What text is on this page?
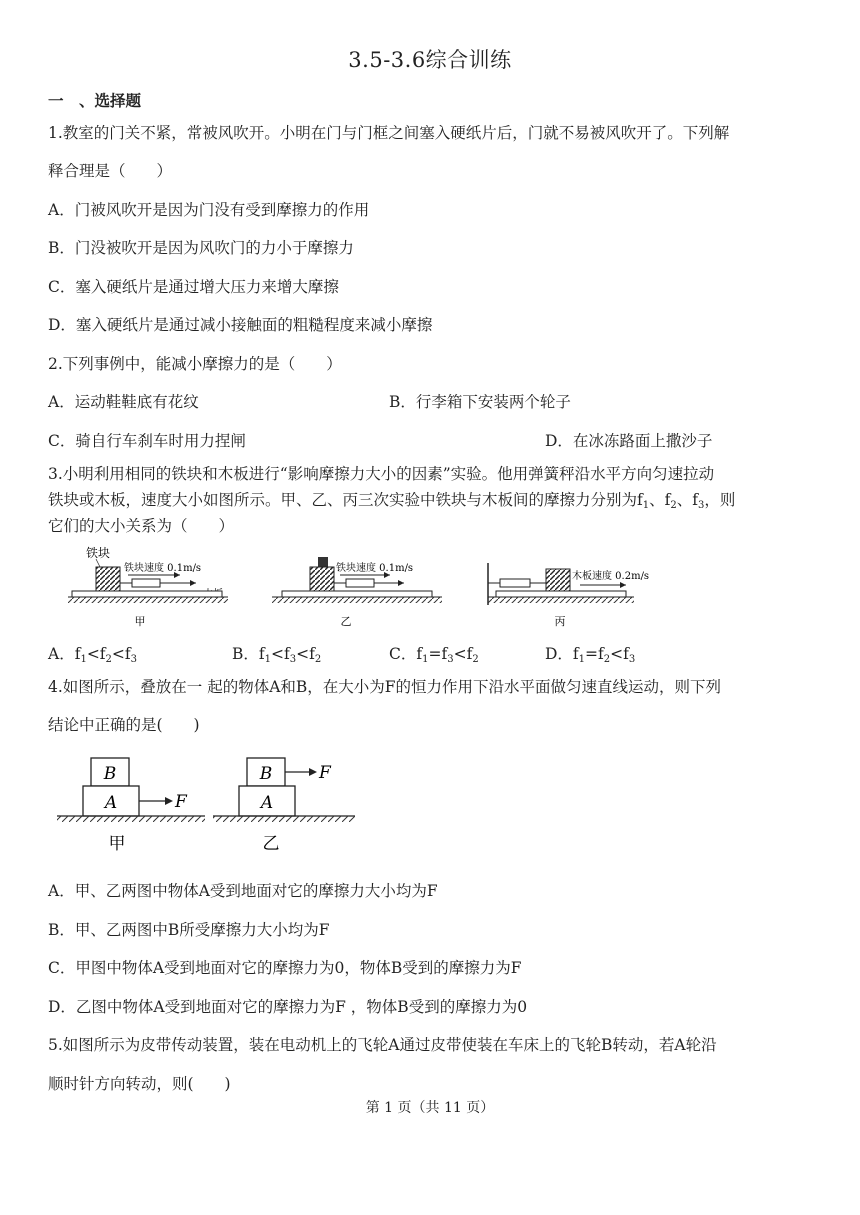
3.5-3.6综合训练
一　、选择题
1.教室的门关不紧，常被风吹开。小明在门与门框之间塞入硬纸片后，门就不易被风吹开了。下列解
释合理是（　　）
A．门被风吹开是因为门没有受到摩擦力的作用
B．门没被吹开是因为风吹门的力小于摩擦力
C．塞入硬纸片是通过增大压力来增大摩擦
D．塞入硬纸片是通过减小接触面的粗糙程度来减小摩擦
2.下列事例中，能减小摩擦力的是（　　）
A．运动鞋鞋底有花纹	B．行李箱下安装两个轮子
C．骑自行车刹车时用力捏闸	D．在冰冻路面上撒沙子
3.小明利用相同的铁块和木板进行“影响摩擦力大小的因素”实验。他用弹簧秤沿水平方向匀速拉动
铁块或木板，速度大小如图所示。甲、乙、丙三次实验中铁块与木板间的摩擦力分别为$f_1$、$f_2$、$f_3$，则
它们的大小关系为（　　）
铁块
铁块速度 0.1m/s
甲
铁块速度 0.1m/s
乙
木板速度 0.2m/s
丙
A．$f_1<f_2<f_3$	B．$f_1<f_3<f_2$	C．$f_1=f_3<f_2$	D．$f_1=f_2<f_3$
4.如图所示，叠放在一 起的物体A和B，在大小为F的恒力作用下沿水平面做匀速直线运动，则下列
结论中正确的是(　　)
B
A	F
甲
B	F
A
乙
A．甲、乙两图中物体A受到地面对它的摩擦力大小均为F
B．甲、乙两图中B所受摩擦力大小均为F
C．甲图中物体A受到地面对它的摩擦力为0，物体B受到的摩擦力为F
D．乙图中物体A受到地面对它的摩擦力为F ，物体B受到的摩擦力为0
5.如图所示为皮带传动装置，装在电动机上的飞轮A通过皮带使装在车床上的飞轮B转动，若A轮沿
顺时针方向转动，则(　　)
第 1 页（共 11 页）
